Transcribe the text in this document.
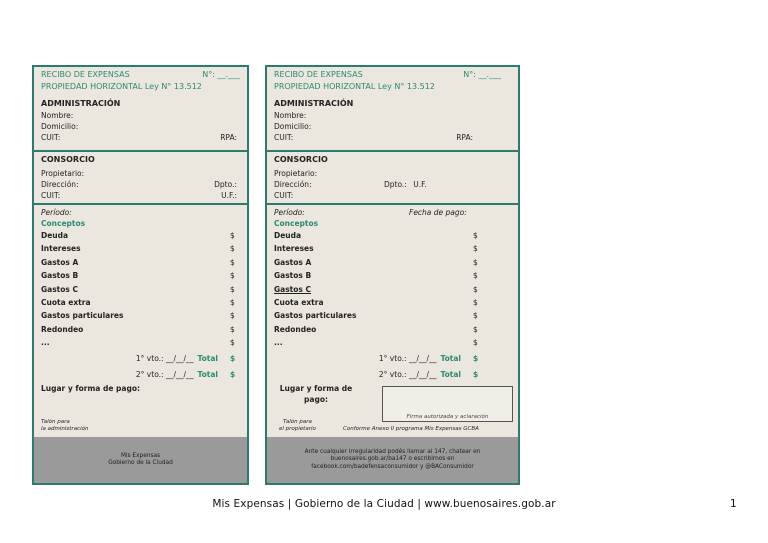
RECIBO DE EXPENSAS	N°: __.___
PROPIEDAD HORIZONTAL Ley N° 13.512
ADMINISTRACIÓN
Nombre:
Domicilio:
CUIT:	RPA:
CONSORCIO
Propietario:
Dirección:	Dpto.:
CUIT:	U.F.:
Período:
Conceptos
Deuda	$
Intereses	$
Gastos A	$
Gastos B	$
Gastos C	$
Cuota extra	$
Gastos particulares	$
Redondeo	$
...	$
1° vto.: __/__/__ Total $
2° vto.: __/__/__ Total $
Lugar y forma de pago:
Talón para
la administración
Mis Expensas
Gobierno de la Ciudad
RECIBO DE EXPENSAS	N°: __.___
PROPIEDAD HORIZONTAL Ley N° 13.512
ADMINISTRACIÓN
Nombre:
Domicilio:
CUIT:	RPA:
CONSORCIO
Propietario:
Dirección:	Dpto.: U.F.
CUIT:
Período:	Fecha de pago:
Conceptos
Deuda	$
Intereses	$
Gastos A	$
Gastos B	$
Gastos C	$
Cuota extra	$
Gastos particulares	$
Redondeo	$
...	$
1° vto.: __/__/__ Total $
2° vto.: __/__/__ Total $
Lugar y forma de pago:
Firma autorizada y aclaración
Talón para
el propietario	Conforme Anexo II programa Mis Expensas GCBA
Ante cualquier irregularidad podés llamar al 147, chatear en
buenosaires.gob.ar/ba147 o escribirnos en
facebook.com/badefensaconsumidor y @BAConsumidor
Mis Expensas | Gobierno de la Ciudad | www.buenosaires.gob.ar	1
